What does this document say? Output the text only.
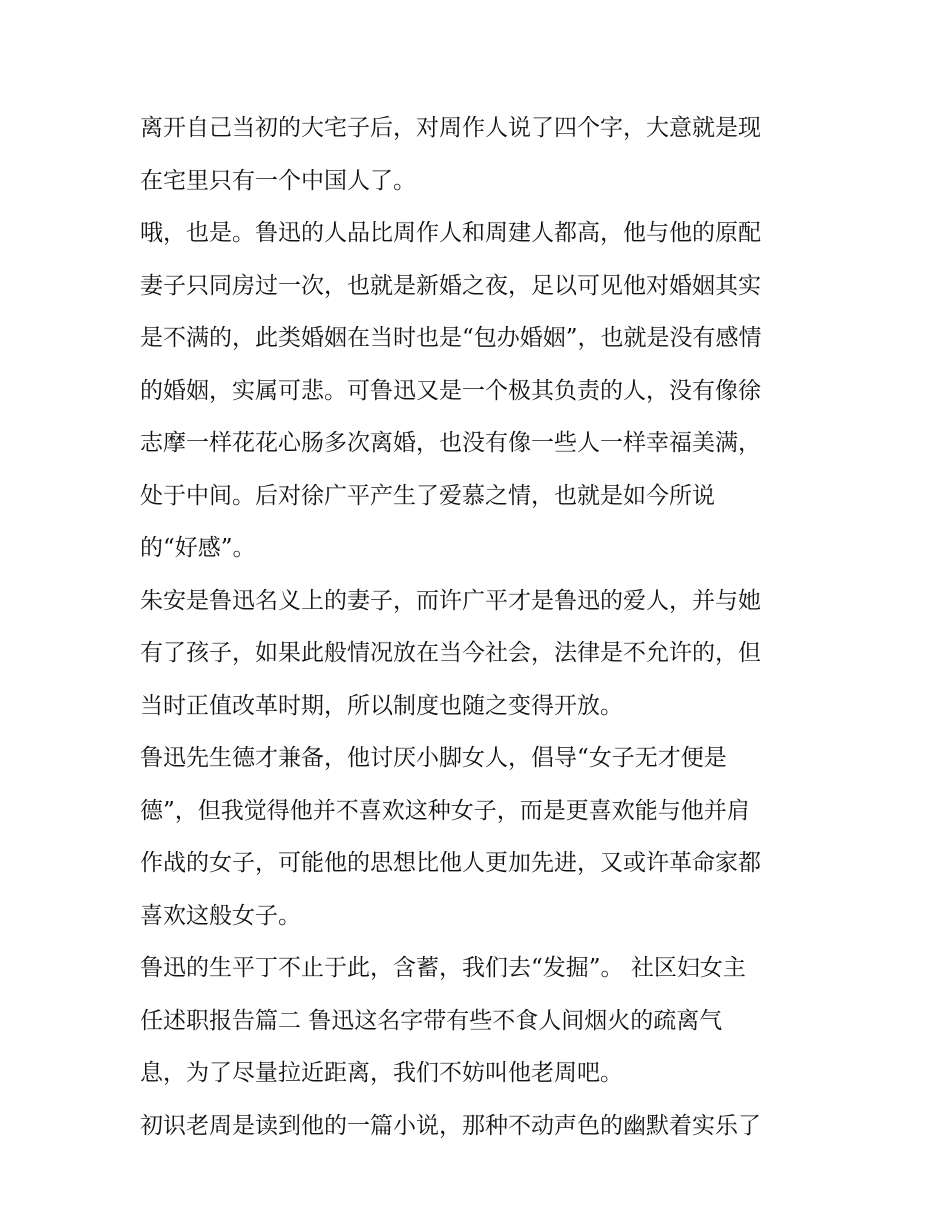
离开自己当初的大宅子后，对周作人说了四个字，大意就是现
在宅里只有一个中国人了。
哦，也是。鲁迅的人品比周作人和周建人都高，他与他的原配
妻子只同房过一次，也就是新婚之夜，足以可见他对婚姻其实
是不满的，此类婚姻在当时也是“包办婚姻”，也就是没有感情
的婚姻，实属可悲。可鲁迅又是一个极其负责的人，没有像徐
志摩一样花花心肠多次离婚，也没有像一些人一样幸福美满，
处于中间。后对徐广平产生了爱慕之情，也就是如今所说
的“好感”。
朱安是鲁迅名义上的妻子，而许广平才是鲁迅的爱人，并与她
有了孩子，如果此般情况放在当今社会，法律是不允许的，但
当时正值改革时期，所以制度也随之变得开放。
鲁迅先生德才兼备，他讨厌小脚女人，倡导“女子无才便是
德”，但我觉得他并不喜欢这种女子，而是更喜欢能与他并肩
作战的女子，可能他的思想比他人更加先进，又或许革命家都
喜欢这般女子。
鲁迅的生平丁不止于此，含蓄，我们去“发掘”。 社区妇女主
任述职报告篇二 鲁迅这名字带有些不食人间烟火的疏离气
息，为了尽量拉近距离，我们不妨叫他老周吧。
初识老周是读到他的一篇小说，那种不动声色的幽默着实乐了
